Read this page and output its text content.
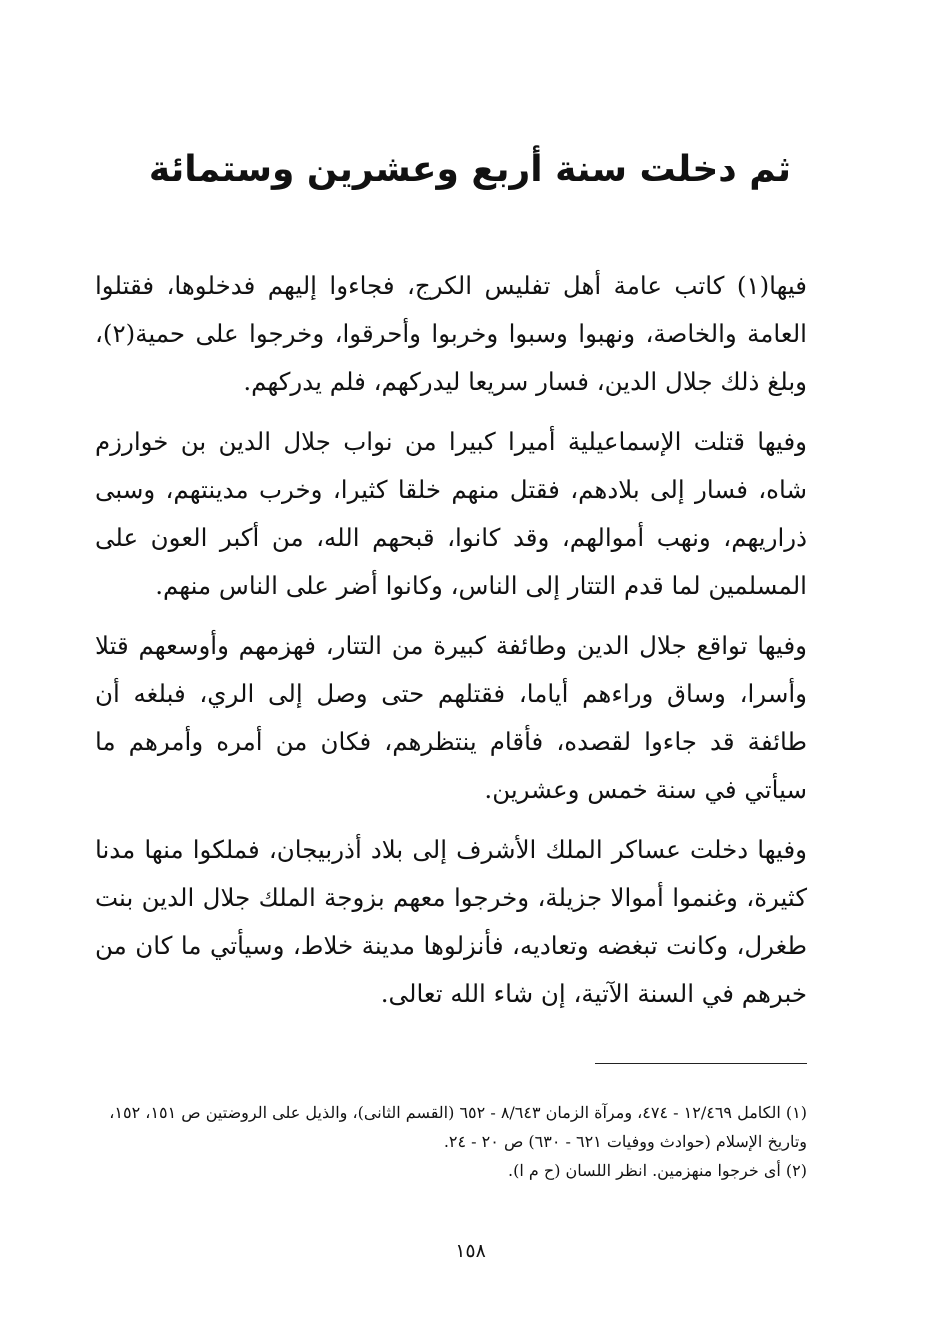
ثم دخلت سنة أربع وعشرين وستمائة

فيها(١) كاتب عامة أهل تفليس الكرج، فجاءوا إليهم فدخلوها، فقتلوا العامة والخاصة، ونهبوا وسبوا وخربوا وأحرقوا، وخرجوا على حمية(٢)، وبلغ ذلك جلال الدين، فسار سريعا ليدركهم، فلم يدركهم.

وفيها قتلت الإسماعيلية أميرا كبيرا من نواب جلال الدين بن خوارزم شاه، فسار إلى بلادهم، فقتل منهم خلقا كثيرا، وخرب مدينتهم، وسبى ذراريهم، ونهب أموالهم، وقد كانوا، قبحهم الله، من أكبر العون على المسلمين لما قدم التتار إلى الناس، وكانوا أضر على الناس منهم.

وفيها تواقع جلال الدين وطائفة كبيرة من التتار، فهزمهم وأوسعهم قتلا وأسرا، وساق وراءهم أياما، فقتلهم حتى وصل إلى الري، فبلغه أن طائفة قد جاءوا لقصده، فأقام ينتظرهم، فكان من أمره وأمرهم ما سيأتي في سنة خمس وعشرين.

وفيها دخلت عساكر الملك الأشرف إلى بلاد أذربيجان، فملكوا منها مدنا كثيرة، وغنموا أموالا جزيلة، وخرجوا معهم بزوجة الملك جلال الدين بنت طغرل، وكانت تبغضه وتعاديه، فأنزلوها مدينة خلاط، وسيأتي ما كان من خبرهم في السنة الآتية، إن شاء الله تعالى.

(١) الكامل ١٢/٤٦٩ - ٤٧٤، ومرآة الزمان ٨/٦٤٣ - ٦٥٢ (القسم الثانى)، والذيل على الروضتين ص ١٥١، ١٥٢، وتاريخ الإسلام (حوادث ووفيات ٦٢١ - ٦٣٠) ص ٢٠ - ٢٤.

(٢) أى خرجوا منهزمين. انظر اللسان (ح م ا).

١٥٨
